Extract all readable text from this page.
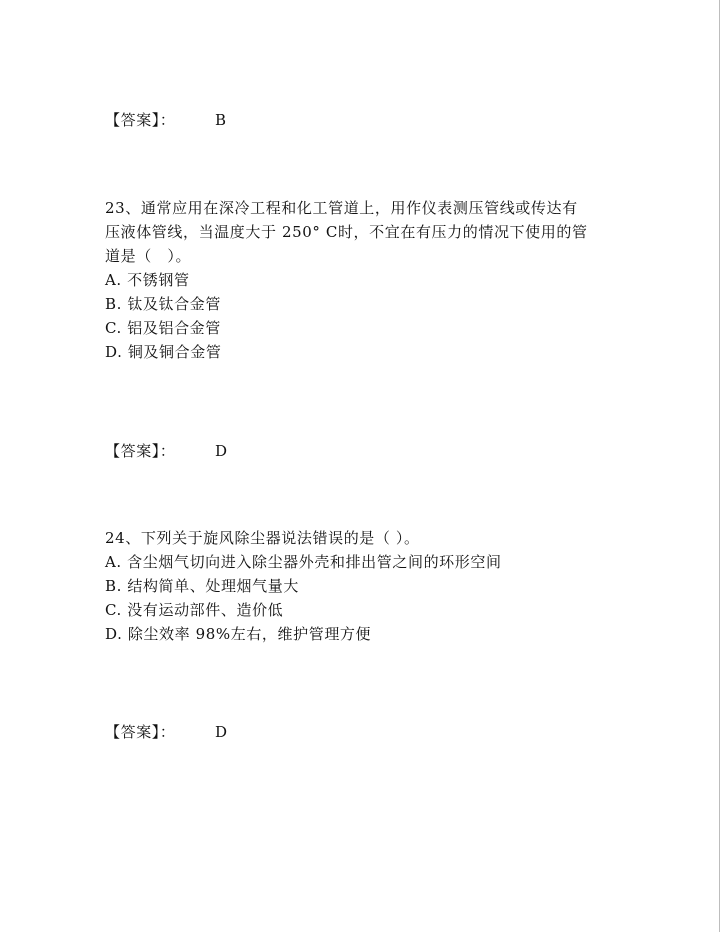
【答案】：	B
23、通常应用在深冷工程和化工管道上，用作仪表测压管线或传达有
压液体管线，当温度大于 250° C时，不宜在有压力的情况下使用的管
道是（　）。
A. 不锈钢管
B. 钛及钛合金管
C. 铝及铝合金管
D. 铜及铜合金管
【答案】：	D
24、下列关于旋风除尘器说法错误的是（ ）。
A. 含尘烟气切向进入除尘器外壳和排出管之间的环形空间
B. 结构简单、处理烟气量大
C. 没有运动部件、造价低
D. 除尘效率 98%左右，维护管理方便
【答案】：	D
